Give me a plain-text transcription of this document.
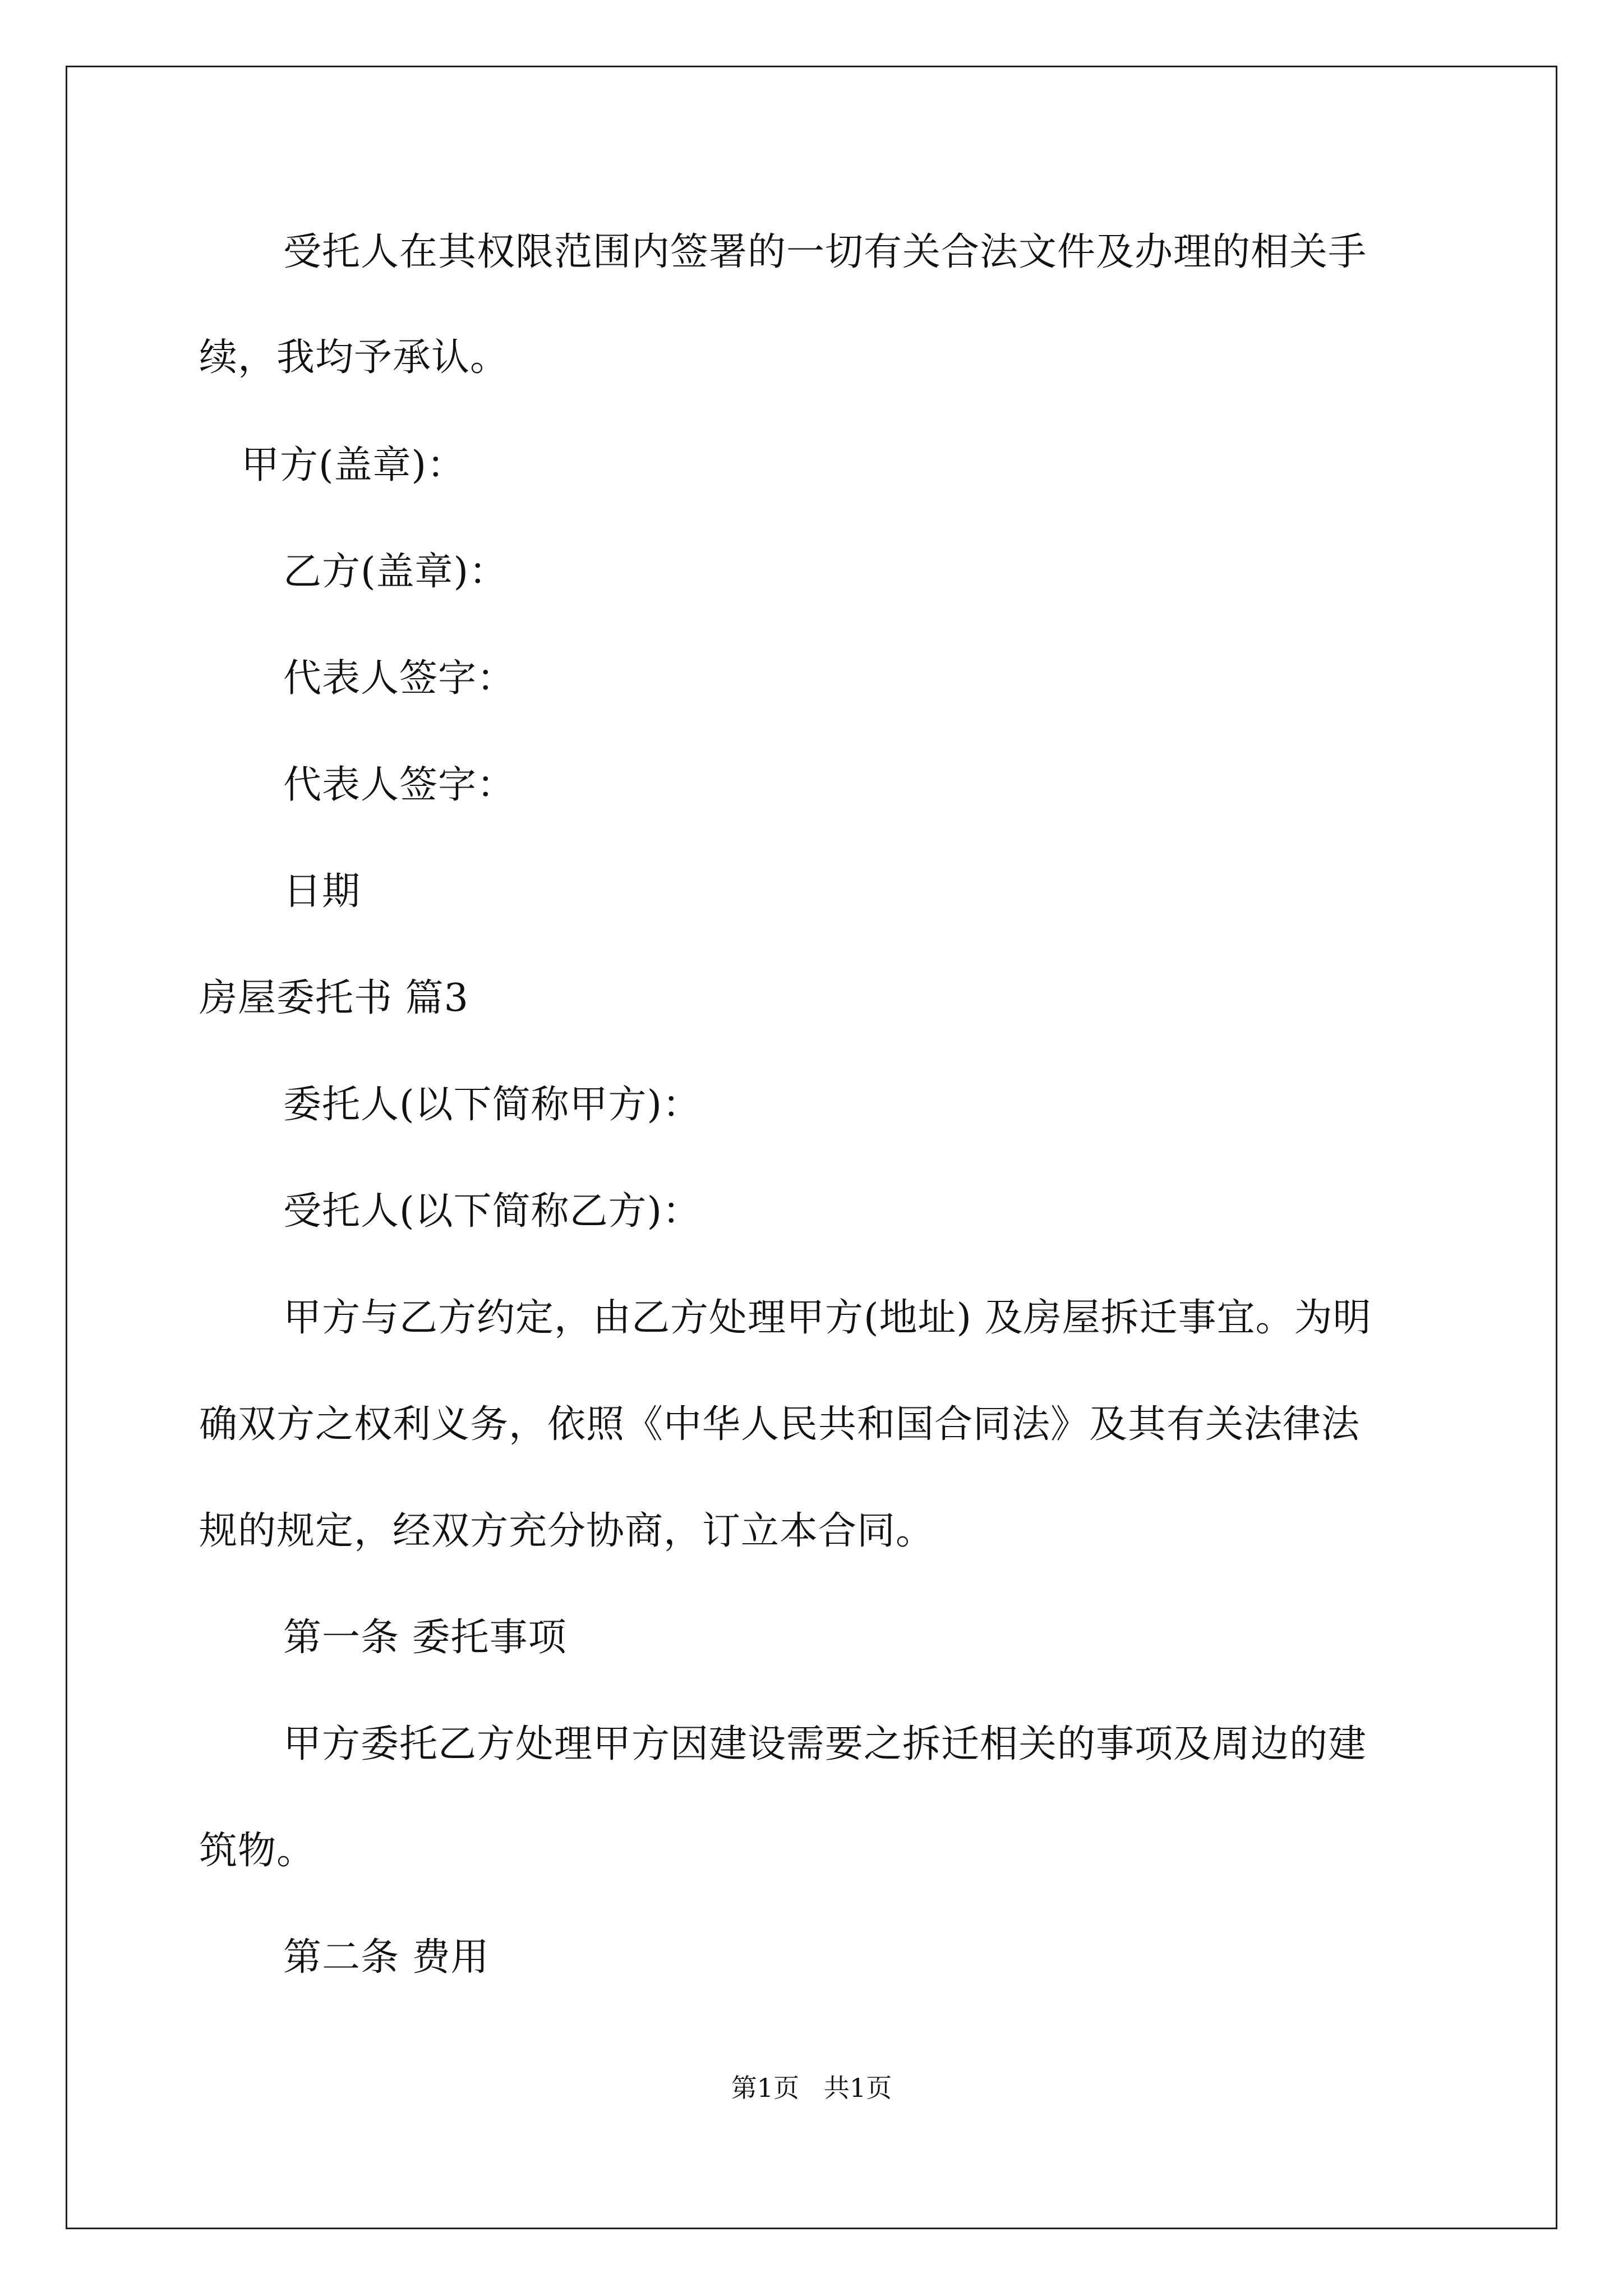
受托人在其权限范围内签署的一切有关合法文件及办理的相关手
续，我均予承认。
甲方(盖章)：
乙方(盖章)：
代表人签字：
代表人签字：
日期
房屋委托书 篇3
委托人(以下简称甲方)：
受托人(以下简称乙方)：
甲方与乙方约定，由乙方处理甲方(地址) 及房屋拆迁事宜。为明
确双方之权利义务，依照《中华人民共和国合同法》及其有关法律法
规的规定，经双方充分协商，订立本合同。
第一条 委托事项
甲方委托乙方处理甲方因建设需要之拆迁相关的事项及周边的建
筑物。
第二条 费用
第1页   共1页
